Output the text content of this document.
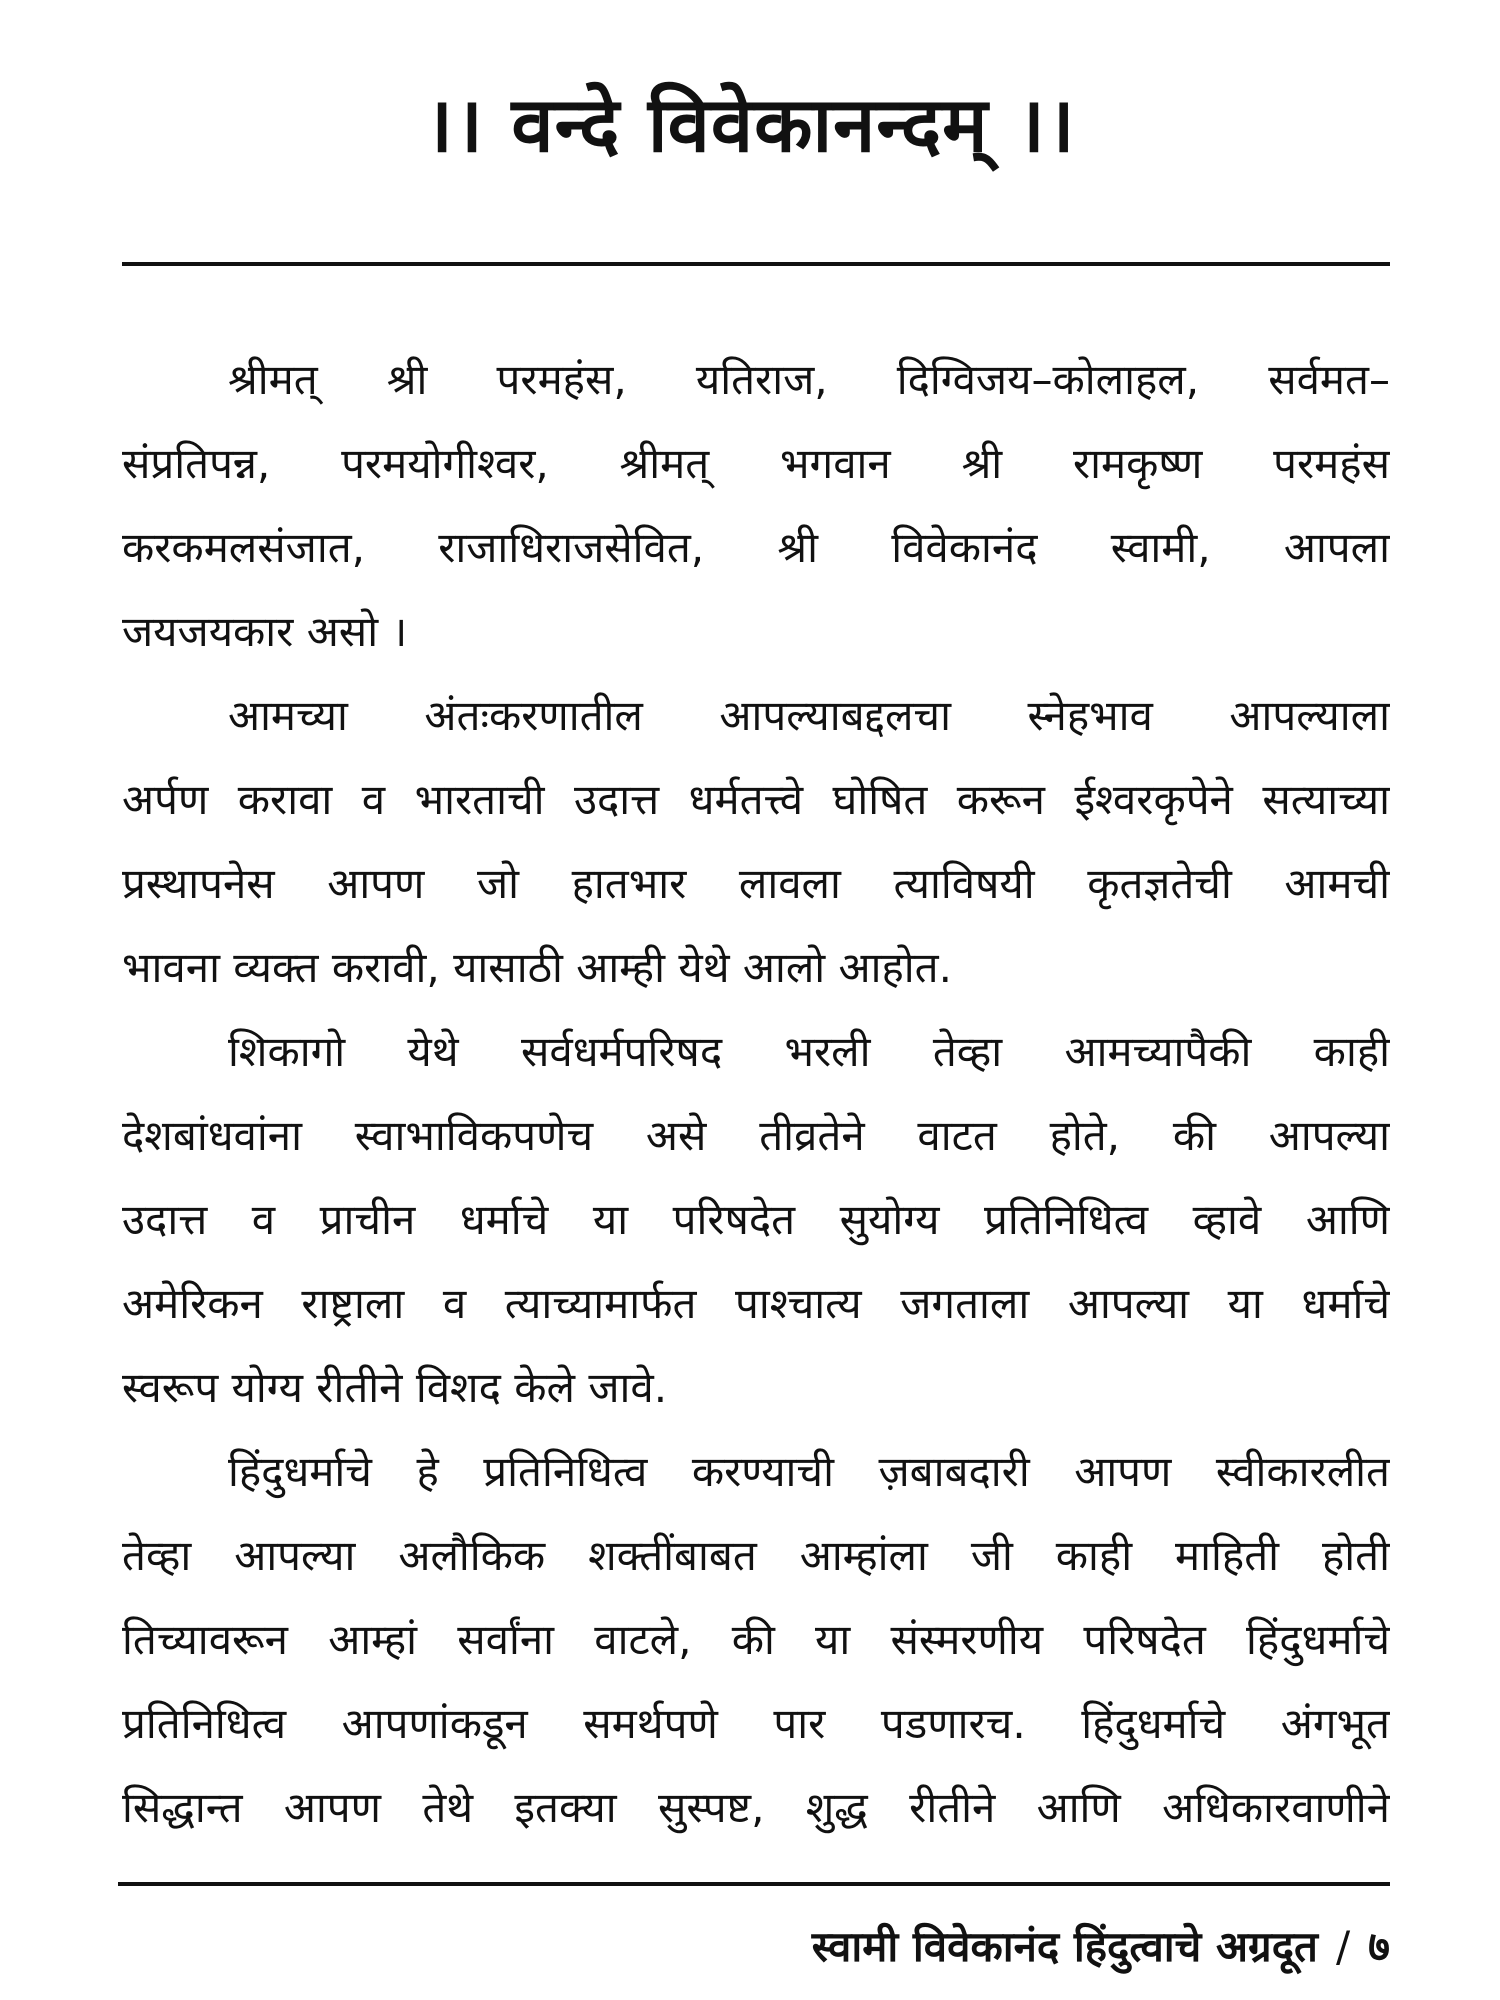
।। वन्दे विवेकानन्दम् ।।
श्रीमत् श्री परमहंस, यतिराज, दिग्विजय–कोलाहल, सर्वमत–
संप्रतिपन्न, परमयोगीश्वर, श्रीमत् भगवान श्री रामकृष्ण परमहंस
करकमलसंजात, राजाधिराजसेवित, श्री विवेकानंद स्वामी, आपला
जयजयकार असो ।
आमच्या अंतःकरणातील आपल्याबद्दलचा स्नेहभाव आपल्याला
अर्पण करावा व भारताची उदात्त धर्मतत्त्वे घोषित करून ईश्वरकृपेने सत्याच्या
प्रस्थापनेस आपण जो हातभार लावला त्याविषयी कृतज्ञतेची आमची
भावना व्यक्त करावी, यासाठी आम्ही येथे आलो आहोत.
शिकागो येथे सर्वधर्मपरिषद भरली तेव्हा आमच्यापैकी काही
देशबांधवांना स्वाभाविकपणेच असे तीव्रतेने वाटत होते, की आपल्या
उदात्त व प्राचीन धर्माचे या परिषदेत सुयोग्य प्रतिनिधित्व व्हावे आणि
अमेरिकन राष्ट्राला व त्याच्यामार्फत पाश्चात्य जगताला आपल्या या धर्माचे
स्वरूप योग्य रीतीने विशद केले जावे.
हिंदुधर्माचे हे प्रतिनिधित्व करण्याची ज़बाबदारी आपण स्वीकारलीत
तेव्हा आपल्या अलौकिक शक्तींबाबत आम्हांला जी काही माहिती होती
तिच्यावरून आम्हां सर्वांना वाटले, की या संस्मरणीय परिषदेत हिंदुधर्माचे
प्रतिनिधित्व आपणांकडून समर्थपणे पार पडणारच. हिंदुधर्माचे अंगभूत
सिद्धान्त आपण तेथे इतक्या सुस्पष्ट, शुद्ध रीतीने आणि अधिकारवाणीने
स्वामी विवेकानंद हिंदुत्वाचे अग्रदूत / ७
